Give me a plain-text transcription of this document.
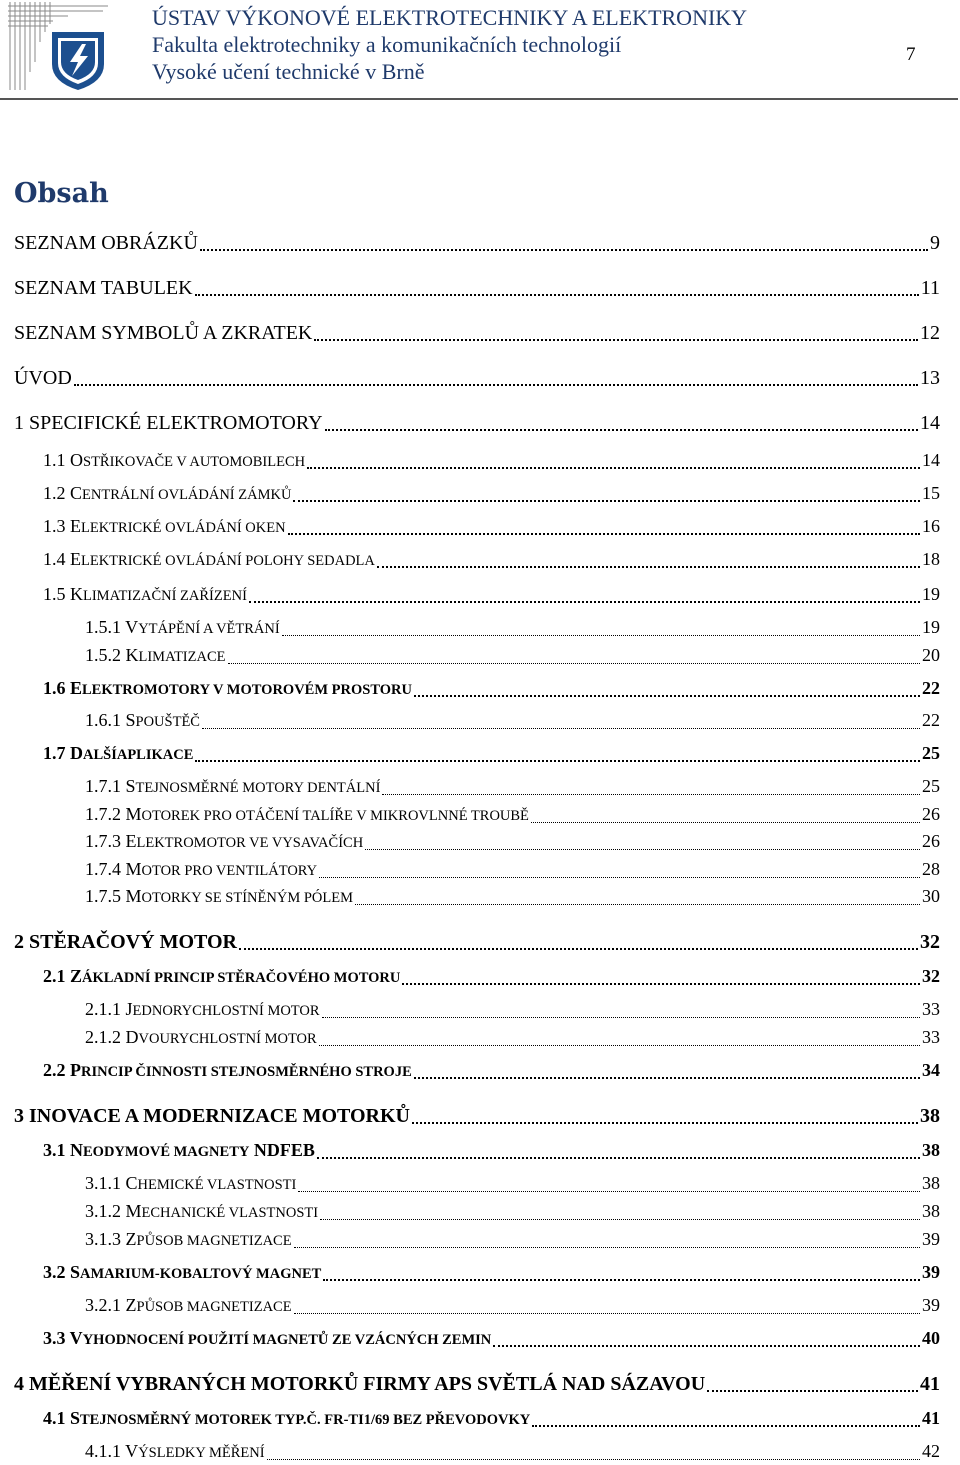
ÚSTAV VÝKONOVÉ ELEKTROTECHNIKY A ELEKTRONIKY
Fakulta elektrotechniky a komunikačních technologií
Vysoké učení technické v Brně
7
Obsah
SEZNAM OBRÁZKŮ	9
SEZNAM TABULEK	11
SEZNAM SYMBOLŮ A ZKRATEK	12
ÚVOD	13
1 SPECIFICKÉ ELEKTROMOTORY	14
1.1 OSTŘIKOVAČE V AUTOMOBILECH	14
1.2 CENTRÁLNÍ OVLÁDÁNÍ ZÁMKŮ	15
1.3 ELEKTRICKÉ OVLÁDÁNÍ OKEN	16
1.4 ELEKTRICKÉ OVLÁDÁNÍ POLOHY SEDADLA	18
1.5 KLIMATIZAČNÍ ZAŘÍZENÍ	19
1.5.1 VYTÁPĚNÍ A VĚTRÁNÍ	19
1.5.2 KLIMATIZACE	20
1.6 ELEKTROMOTORY V MOTOROVÉM PROSTORU	22
1.6.1 SPOUŠTĚČ	22
1.7 DALŠÍAPLIKACE	25
1.7.1 STEJNOSMĚRNÉ MOTORY DENTÁLNÍ	25
1.7.2 MOTOREK PRO OTÁČENÍ TALÍŘE V MIKROVLNNÉ TROUBĚ	26
1.7.3 ELEKTROMOTOR VE VYSAVAČÍCH	26
1.7.4 MOTOR PRO VENTILÁTORY	28
1.7.5 MOTORKY SE STÍNĚNÝM PÓLEM	30
2 STĚRAČOVÝ MOTOR	32
2.1 ZÁKLADNÍ PRINCIP STĚRAČOVÉHO MOTORU	32
2.1.1 JEDNORYCHLOSTNÍ MOTOR	33
2.1.2 DVOURYCHLOSTNÍ MOTOR	33
2.2 PRINCIP ČINNOSTI STEJNOSMĚRNÉHO STROJE	34
3 INOVACE A MODERNIZACE MOTORKŮ	38
3.1 NEODYMOVÉ MAGNETY NDFEB	38
3.1.1 CHEMICKÉ VLASTNOSTI	38
3.1.2 MECHANICKÉ VLASTNOSTI	38
3.1.3 ZPŮSOB MAGNETIZACE	39
3.2 SAMARIUM-KOBALTOVÝ MAGNET	39
3.2.1 ZPŮSOB MAGNETIZACE	39
3.3 VYHODNOCENÍ POUŽITÍ MAGNETŮ ZE VZÁCNÝCH ZEMIN	40
4 MĚŘENÍ VYBRANÝCH MOTORKŮ FIRMY APS SVĚTLÁ NAD SÁZAVOU	41
4.1 STEJNOSMĚRNÝ MOTOREK TYP.Č. FR-TI1/69 BEZ PŘEVODOVKY	41
4.1.1 VÝSLEDKY MĚŘENÍ	42
